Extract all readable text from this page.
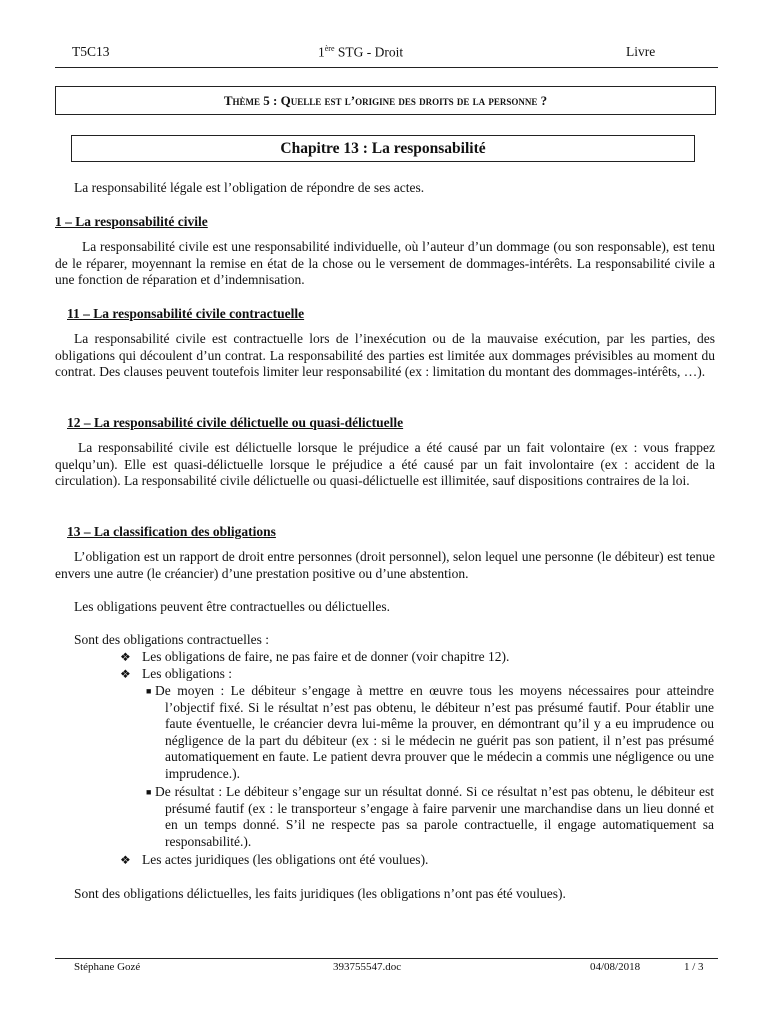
T5C13	1ère STG - Droit	Livre
Thème 5 : Quelle est l’origine des droits de la personne ?
Chapitre 13 : La responsabilité
La responsabilité légale est l’obligation de répondre de ses actes.
1 – La responsabilité civile
La responsabilité civile est une responsabilité individuelle, où l’auteur d’un dommage (ou son responsable), est tenu de le réparer, moyennant la remise en état de la chose ou le versement de dommages-intérêts. La responsabilité civile a une fonction de réparation et d’indemnisation.
11 – La responsabilité civile contractuelle
La responsabilité civile est contractuelle lors de l’inexécution ou de la mauvaise exécution, par les parties, des obligations qui découlent d’un contrat. La responsabilité des parties est limitée aux dommages prévisibles au moment du contrat. Des clauses peuvent toutefois limiter leur responsabilité (ex : limitation du montant des dommages-intérêts, …).
12 – La responsabilité civile délictuelle ou quasi-délictuelle
La responsabilité civile est délictuelle lorsque le préjudice a été causé par un fait volontaire (ex : vous frappez quelqu’un). Elle est quasi-délictuelle lorsque le préjudice a été causé par un fait involontaire (ex : accident de la circulation). La responsabilité civile délictuelle ou quasi-délictuelle est illimitée, sauf dispositions contraires de la loi.
13 – La classification des obligations
L’obligation est un rapport de droit entre personnes (droit personnel), selon lequel une personne (le débiteur) est tenue envers une autre (le créancier) d’une prestation positive ou d’une abstention.
Les obligations peuvent être contractuelles ou délictuelles.
Sont des obligations contractuelles :
❖ Les obligations de faire, ne pas faire et de donner (voir chapitre 12).
❖ Les obligations :
■ De moyen : Le débiteur s’engage à mettre en œuvre tous les moyens nécessaires pour atteindre l’objectif fixé. Si le résultat n’est pas obtenu, le débiteur n’est pas présumé fautif. Pour établir une faute éventuelle, le créancier devra lui-même la prouver, en démontrant qu’il y a eu imprudence ou négligence de la part du débiteur (ex : si le médecin ne guérit pas son patient, il n’est pas présumé automatiquement en faute. Le patient devra prouver que le médecin a commis une négligence ou une imprudence.).
■ De résultat : Le débiteur s’engage sur un résultat donné. Si ce résultat n’est pas obtenu, le débiteur est présumé fautif (ex : le transporteur s’engage à faire parvenir une marchandise dans un lieu donné et en un temps donné. S’il ne respecte pas sa parole contractuelle, il engage automatiquement sa responsabilité.).
❖ Les actes juridiques (les obligations ont été voulues).
Sont des obligations délictuelles, les faits juridiques (les obligations n’ont pas été voulues).
Stéphane Gozé	393755547.doc	04/08/2018	1 / 3
